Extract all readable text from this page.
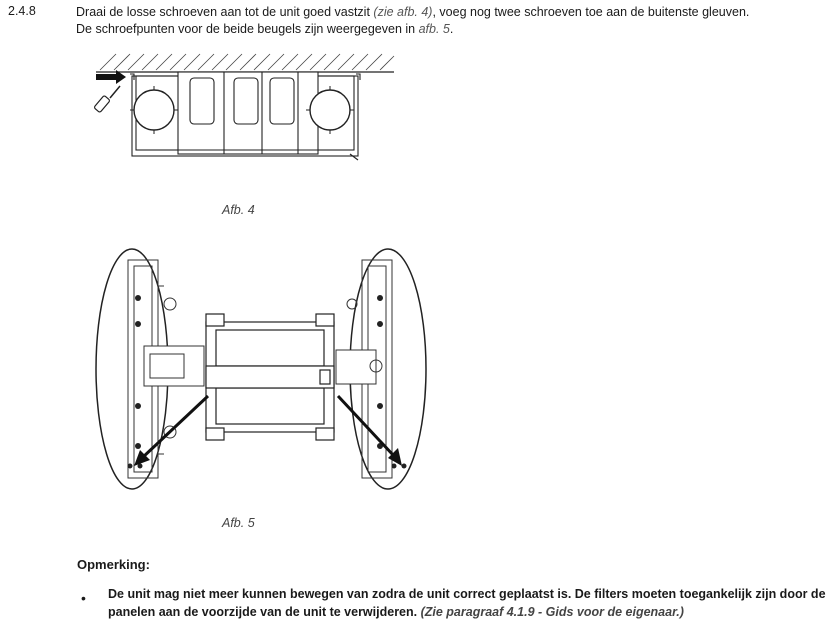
2.4.8	Draai de losse schroeven aan tot de unit goed vastzit (zie afb. 4), voeg nog twee schroeven toe aan de buitenste gleuven.
De schroefpunten voor de beide beugels zijn weergegeven in afb. 5.
Afb. 4
Afb. 5
Opmerking:
• De unit mag niet meer kunnen bewegen van zodra de unit correct geplaatst is. De filters moeten toegankelijk zijn door de panelen aan de voorzijde van de unit te verwijderen. (Zie paragraaf 4.1.9 - Gids voor de eigenaar.)
